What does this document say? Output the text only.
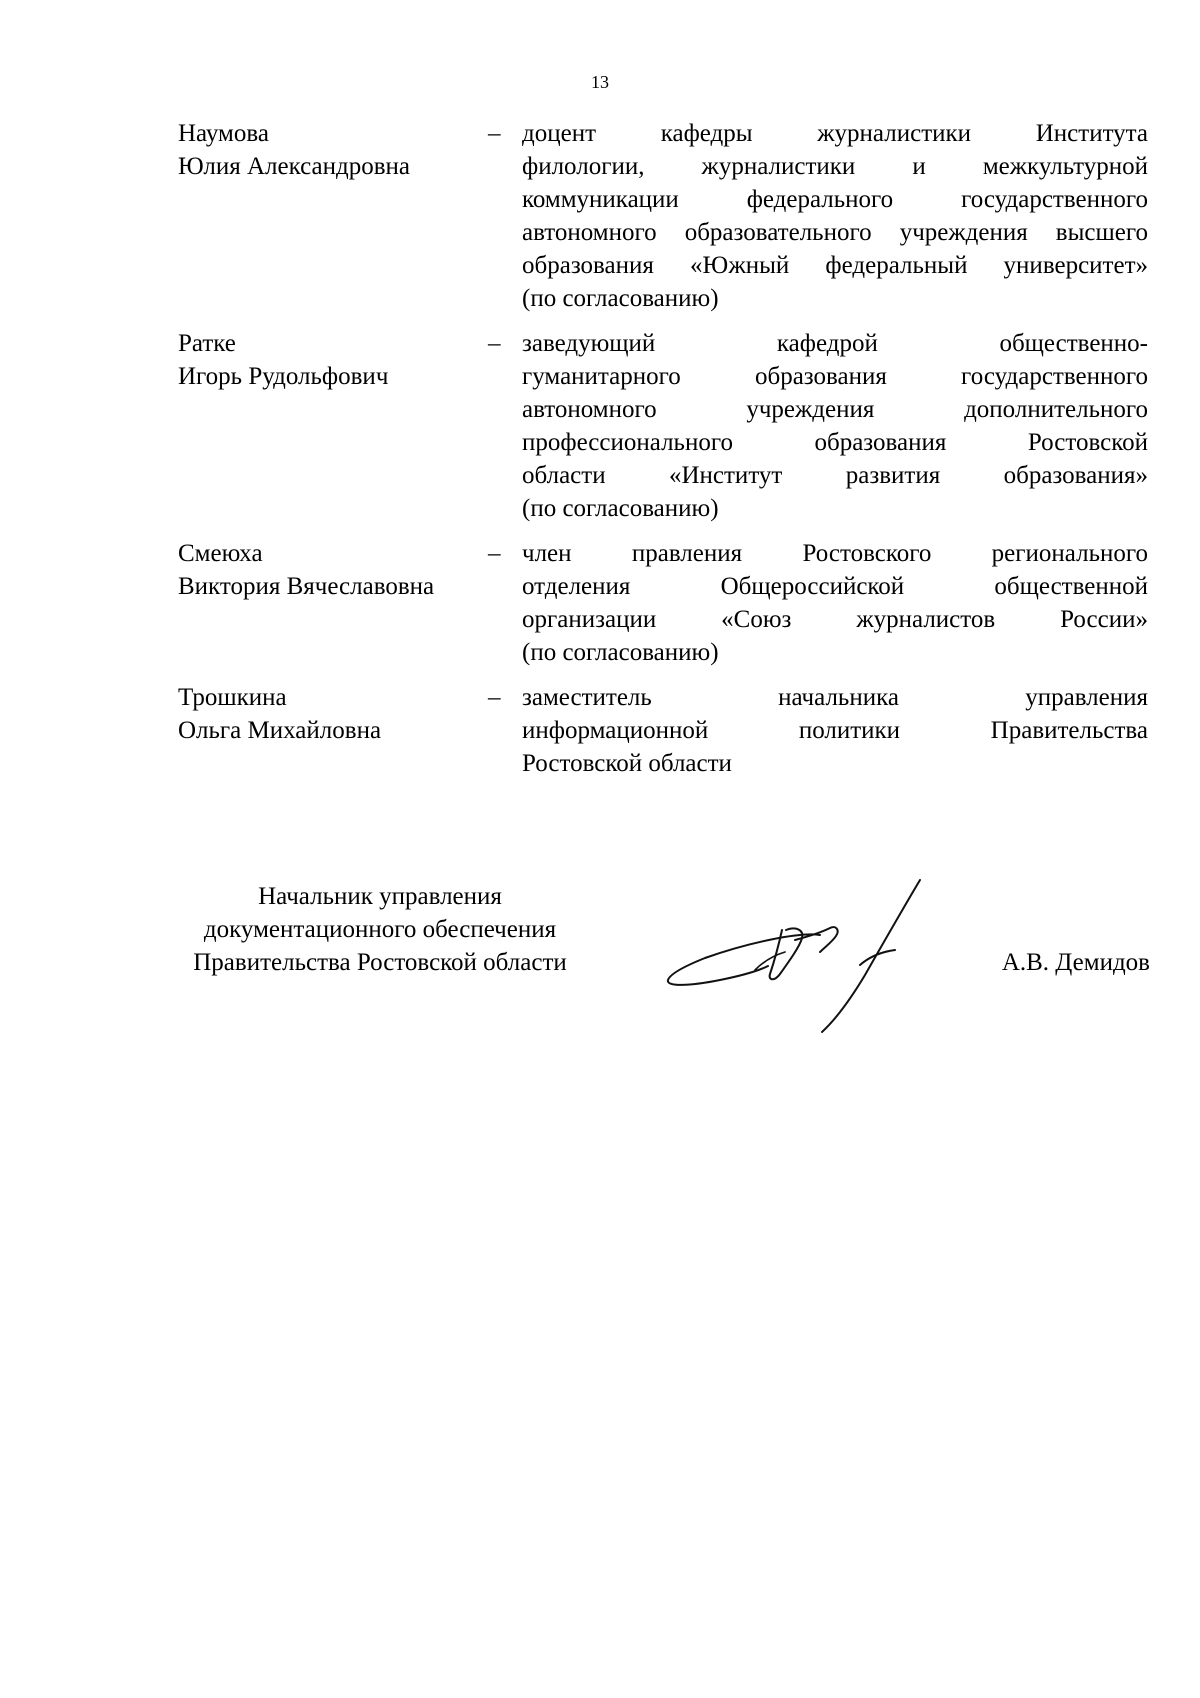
13
Наумова
Юлия Александровна
– доцент кафедры журналистики Института
филологии, журналистики и межкультурной
коммуникации федерального государственного
автономного образовательного учреждения высшего
образования «Южный федеральный университет»
(по согласованию)
Ратке
Игорь Рудольфович
– заведующий кафедрой общественно-
гуманитарного образования государственного
автономного учреждения дополнительного
профессионального образования Ростовской
области «Институт развития образования»
(по согласованию)
Смеюха
Виктория Вячеславовна
– член правления Ростовского регионального
отделения Общероссийской общественной
организации «Союз журналистов России»
(по согласованию)
Трошкина
Ольга Михайловна
– заместитель начальника управления
информационной политики Правительства
Ростовской области
Начальник управления
документационного обеспечения
Правительства Ростовской области	А.В. Демидов
